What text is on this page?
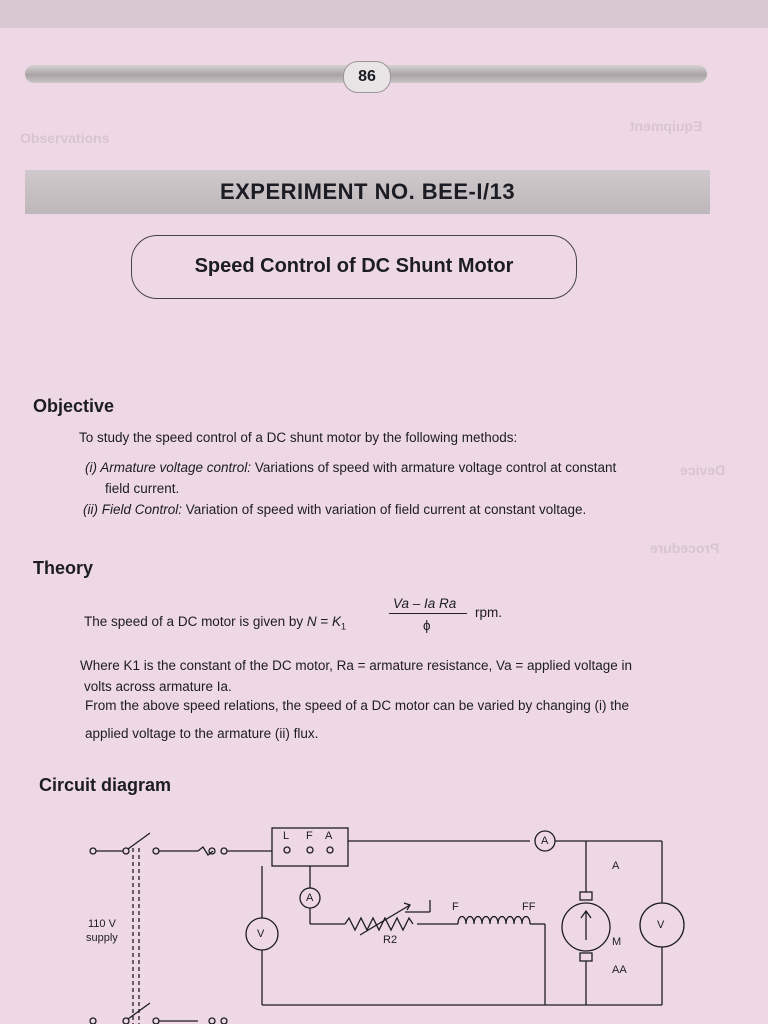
Observations
Equipment
Device
Procedure
86
EXPERIMENT NO. BEE-I/13
Speed Control of DC Shunt Motor
Objective

To study the speed control of a DC shunt motor by the following methods:

(i) Armature voltage control: Variations of speed with armature voltage control at constant

field current.

(ii) Field Control: Variation of speed with variation of field current at constant voltage.

Theory

The speed of a DC motor is given by $N = K_1$

Va – Ia Ra
ϕ
rpm.

Where K1 is the constant of the DC motor, Ra = armature resistance, Va = applied voltage in

volts across armature Ia.

From the above speed relations, the speed of a DC motor can be varied by changing (i) the

applied voltage to the armature (ii) flux.

Circuit diagram
L F A	A
A
V
V
110 V
supply	R2
F	FF
M
A
AA
